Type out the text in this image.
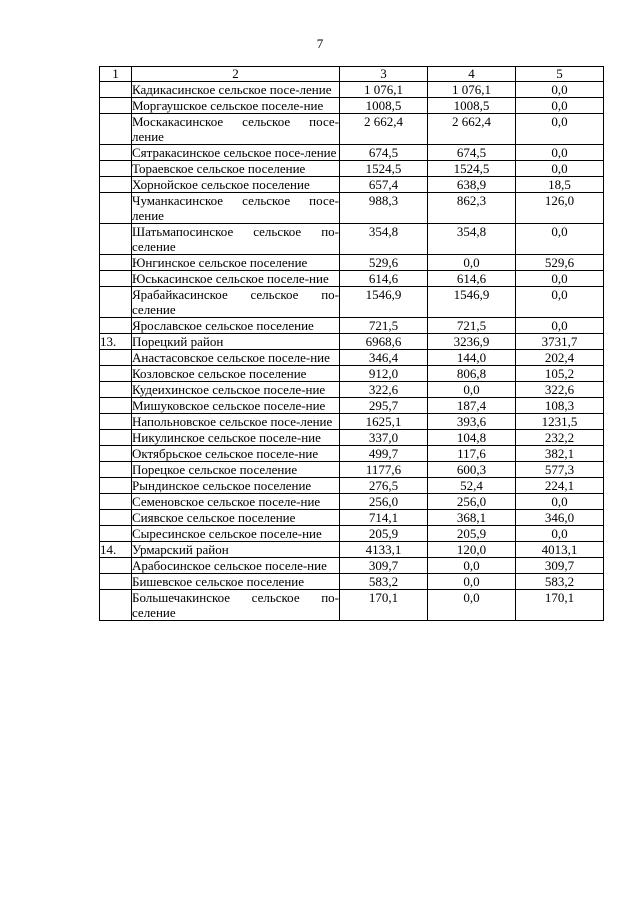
7
1	2	3	4	5
	Кадикасинское сельское посе-ление	1 076,1	1 076,1	0,0
	Моргаушское сельское поселе-ние	1008,5	1008,5	0,0
	Москакасинское сельское посе-ление	2 662,4	2 662,4	0,0
	Сятракасинское сельское посе-ление	674,5	674,5	0,0
	Тораевское сельское поселение	1524,5	1524,5	0,0
	Хорнойское сельское поселение	657,4	638,9	18,5
	Чуманкасинское сельское посе-ление	988,3	862,3	126,0
	Шатьмапосинское сельское по-селение	354,8	354,8	0,0
	Юнгинское сельское поселение	529,6	0,0	529,6
	Юськасинское сельское поселе-ние	614,6	614,6	0,0
	Ярабайкасинское сельское по-селение	1546,9	1546,9	0,0
	Ярославское сельское поселение	721,5	721,5	0,0
13.	Порецкий район	6968,6	3236,9	3731,7
	Анастасовское сельское поселе-ние	346,4	144,0	202,4
	Козловское сельское поселение	912,0	806,8	105,2
	Кудеихинское сельское поселе-ние	322,6	0,0	322,6
	Мишуковское сельское поселе-ние	295,7	187,4	108,3
	Напольновское сельское посе-ление	1625,1	393,6	1231,5
	Никулинское сельское поселе-ние	337,0	104,8	232,2
	Октябрьское сельское поселе-ние	499,7	117,6	382,1
	Порецкое сельское поселение	1177,6	600,3	577,3
	Рындинское сельское поселение	276,5	52,4	224,1
	Семеновское сельское поселе-ние	256,0	256,0	0,0
	Сиявское сельское поселение	714,1	368,1	346,0
	Сыресинское сельское поселе-ние	205,9	205,9	0,0
14.	Урмарский район	4133,1	120,0	4013,1
	Арабосинское сельское поселе-ние	309,7	0,0	309,7
	Бишевское сельское поселение	583,2	0,0	583,2
	Большечакинское сельское по-селение	170,1	0,0	170,1
